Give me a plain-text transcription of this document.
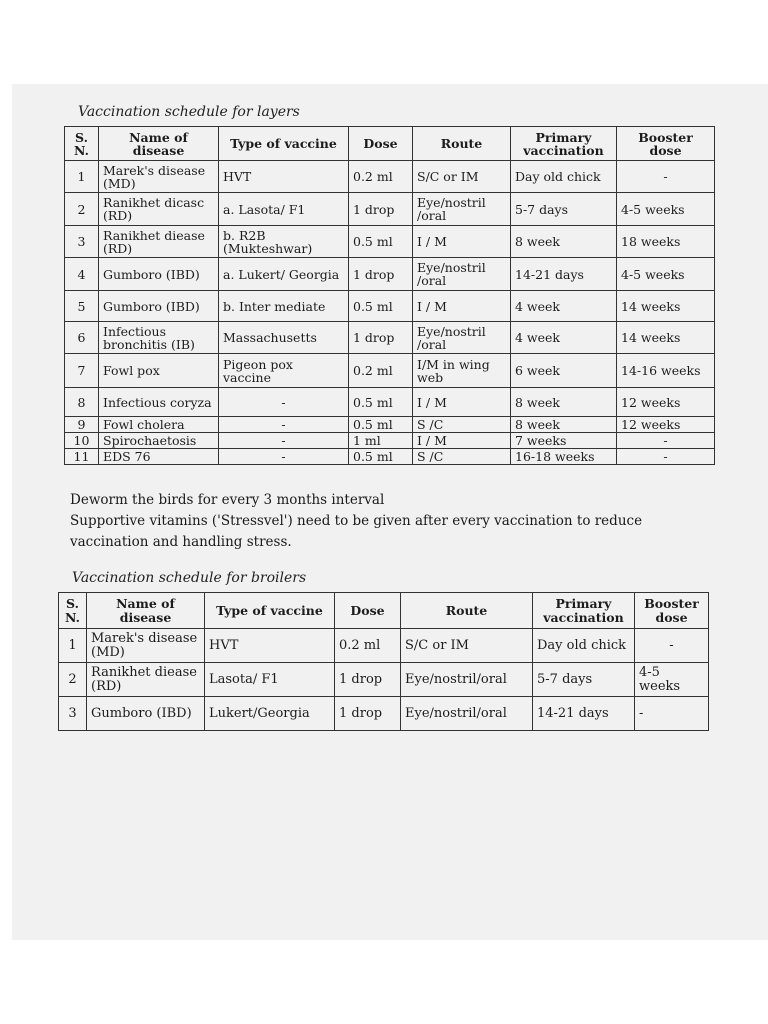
Vaccination schedule for layers
S. N.	Name of disease	Type of vaccine	Dose	Route	Primary vaccination	Booster dose
1	Marek's disease (MD)	HVT	0.2 ml	S/C or IM	Day old chick	-
2	Ranikhet dicasc (RD)	a. Lasota/ F1	1 drop	Eye/nostril /oral	5-7 days	4-5 weeks
3	Ranikhet diease (RD)	b. R2B (Mukteshwar)	0.5 ml	I / M	8 week	18 weeks
4	Gumboro (IBD)	a. Lukert/ Georgia	1 drop	Eye/nostril /oral	14-21 days	4-5 weeks
5	Gumboro (IBD)	b. Inter mediate	0.5 ml	I / M	4 week	14 weeks
6	Infectious bronchitis (IB)	Massachusetts	1 drop	Eye/nostril /oral	4 week	14 weeks
7	Fowl pox	Pigeon pox vaccine	0.2 ml	I/M in wing web	6 week	14-16 weeks
8	Infectious coryza	-	0.5 ml	I / M	8 week	12 weeks
9	Fowl cholera	-	0.5 ml	S /C	8 week	12 weeks
10	Spirochaetosis	-	1 ml	I / M	7 weeks	-
11	EDS 76	-	0.5 ml	S /C	16-18 weeks	-

Deworm the birds for every 3 months interval

Supportive vitamins ('Stressvel') need to be given after every vaccination to reduce vaccination and handling stress.

Vaccination schedule for broilers
S. N.	Name of disease	Type of vaccine	Dose	Route	Primary vaccination	Booster dose
1	Marek's disease (MD)	HVT	0.2 ml	S/C or IM	Day old chick	-
2	Ranikhet diease (RD)	Lasota/ F1	1 drop	Eye/nostril/oral	5-7 days	4-5 weeks
3	Gumboro (IBD)	Lukert/Georgia	1 drop	Eye/nostril/oral	14-21 days	-
